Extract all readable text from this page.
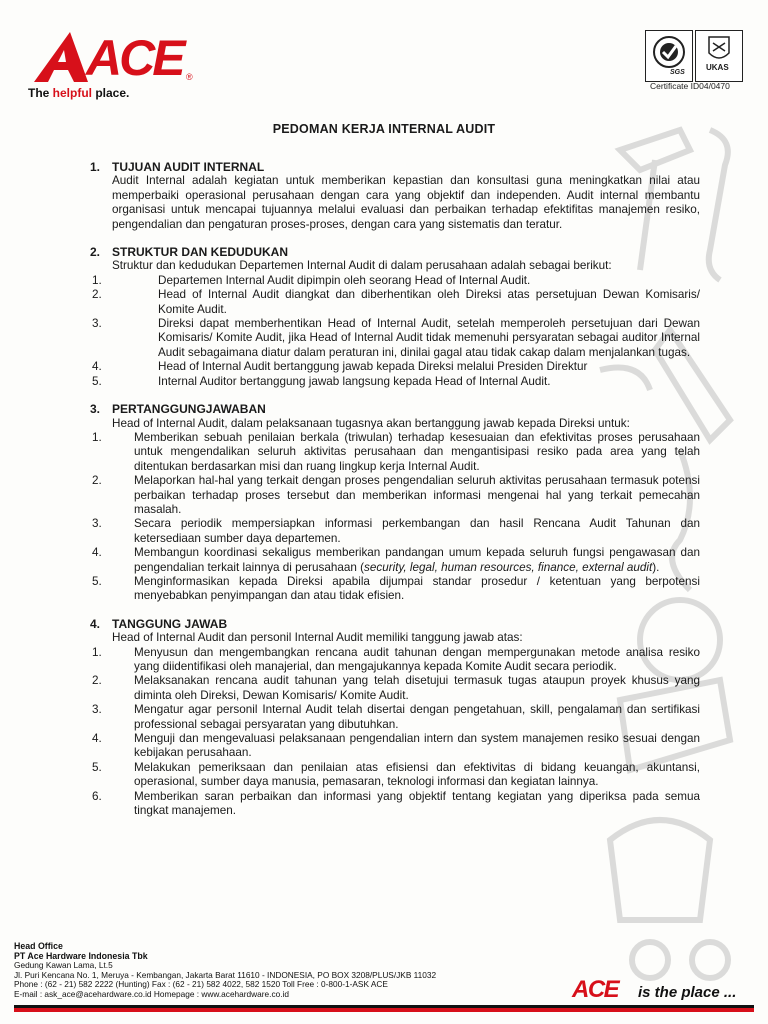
ACE ®
The helpful place.
SGS
UKAS
Certificate ID04/0470
PEDOMAN KERJA INTERNAL AUDIT
1. TUJUAN AUDIT INTERNAL
Audit Internal adalah kegiatan untuk memberikan kepastian dan konsultasi guna meningkatkan nilai atau memperbaiki operasional perusahaan dengan cara yang objektif dan independen. Audit internal membantu organisasi untuk mencapai tujuannya melalui evaluasi dan perbaikan terhadap efektifitas manajemen resiko, pengendalian dan pengaturan proses-proses, dengan cara yang sistematis dan teratur.
2. STRUKTUR DAN KEDUDUKAN
Struktur dan kedudukan Departemen Internal Audit di dalam perusahaan adalah sebagai berikut:
1.	Departemen Internal Audit dipimpin oleh seorang Head of Internal Audit.
2.	Head of Internal Audit diangkat dan diberhentikan oleh Direksi atas persetujuan Dewan Komisaris/ Komite Audit.
3.	Direksi dapat memberhentikan Head of Internal Audit, setelah memperoleh persetujuan dari Dewan Komisaris/ Komite Audit, jika Head of Internal Audit tidak memenuhi persyaratan sebagai auditor Internal Audit sebagaimana diatur dalam peraturan ini, dinilai gagal atau tidak cakap dalam menjalankan tugas.
4.	Head of Internal Audit bertanggung jawab kepada Direksi melalui Presiden Direktur
5.	Internal Auditor bertanggung jawab langsung kepada Head of Internal Audit.
3. PERTANGGUNGJAWABAN
Head of Internal Audit, dalam pelaksanaan tugasnya akan bertanggung jawab kepada Direksi untuk:
1.	Memberikan sebuah penilaian berkala (triwulan) terhadap kesesuaian dan efektivitas proses perusahaan untuk mengendalikan seluruh aktivitas perusahaan dan mengantisipasi resiko pada area yang telah ditentukan berdasarkan misi dan ruang lingkup kerja Internal Audit.
2.	Melaporkan hal-hal yang terkait dengan proses pengendalian seluruh aktivitas perusahaan termasuk potensi perbaikan terhadap proses tersebut dan memberikan informasi mengenai hal yang terkait pemecahan masalah.
3.	Secara periodik mempersiapkan informasi perkembangan dan hasil Rencana Audit Tahunan dan ketersediaan sumber daya departemen.
4.	Membangun koordinasi sekaligus memberikan pandangan umum kepada seluruh fungsi pengawasan dan pengendalian terkait lainnya di perusahaan (security, legal, human resources, finance, external audit).
5.	Menginformasikan kepada Direksi apabila dijumpai standar prosedur / ketentuan yang berpotensi menyebabkan penyimpangan dan atau tidak efisien.
4. TANGGUNG JAWAB
Head of Internal Audit dan personil Internal Audit memiliki tanggung jawab atas:
1.	Menyusun dan mengembangkan rencana audit tahunan dengan mempergunakan metode analisa resiko yang diidentifikasi oleh manajerial, dan mengajukannya kepada Komite Audit secara periodik.
2.	Melaksanakan rencana audit tahunan yang telah disetujui termasuk tugas ataupun proyek khusus yang diminta oleh Direksi, Dewan Komisaris/ Komite Audit.
3.	Mengatur agar personil Internal Audit telah disertai dengan pengetahuan, skill, pengalaman dan sertifikasi professional sebagai persyaratan yang dibutuhkan.
4.	Menguji dan mengevaluasi pelaksanaan pengendalian intern dan system manajemen resiko sesuai dengan kebijakan perusahaan.
5.	Melakukan pemeriksaan dan penilaian atas efisiensi dan efektivitas di bidang keuangan, akuntansi, operasional, sumber daya manusia, pemasaran, teknologi informasi dan kegiatan lainnya.
6.	Memberikan saran perbaikan dan informasi yang objektif tentang kegiatan yang diperiksa pada semua tingkat manajemen.
Head Office
PT Ace Hardware Indonesia Tbk
Gedung Kawan Lama, Lt.5
Jl. Puri Kencana No. 1, Meruya - Kembangan, Jakarta Barat 11610 - INDONESIA, PO BOX 3208/PLUS/JKB 11032
Phone : (62 - 21) 582 2222 (Hunting) Fax : (62 - 21) 582 4022, 582 1520 Toll Free : 0-800-1-ASK ACE
E-mail : ask_ace@acehardware.co.id Homepage : www.acehardware.co.id	ACE is the place ...
